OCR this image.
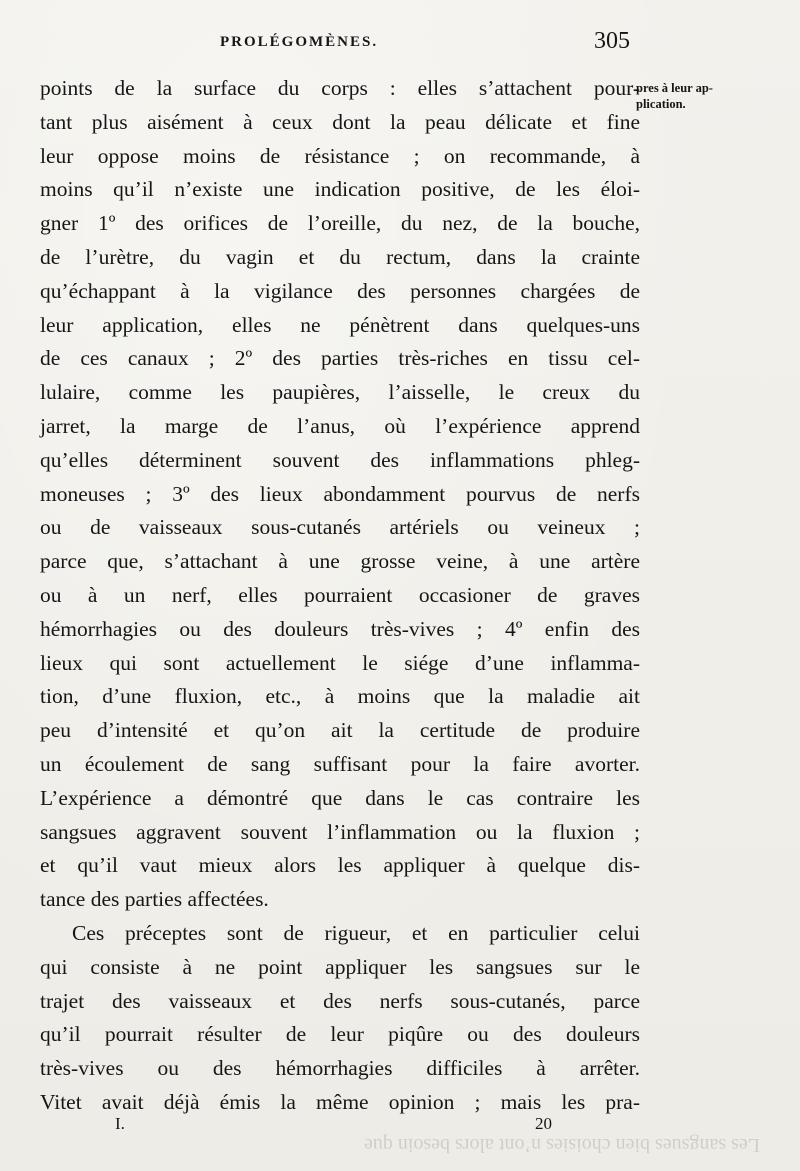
PROLÉGOMÈNES.	305
pres à leur ap-
plication.
points de la surface du corps : elles s’attachent pour-
tant plus aisément à ceux dont la peau délicate et fine
leur oppose moins de résistance ; on recommande, à
moins qu’il n’existe une indication positive, de les éloi-
gner 1º des orifices de l’oreille, du nez, de la bouche,
de l’urètre, du vagin et du rectum, dans la crainte
qu’échappant à la vigilance des personnes chargées de
leur application, elles ne pénètrent dans quelques-uns
de ces canaux ; 2º des parties très-riches en tissu cel-
lulaire, comme les paupières, l’aisselle, le creux du
jarret, la marge de l’anus, où l’expérience apprend
qu’elles déterminent souvent des inflammations phleg-
moneuses ; 3º des lieux abondamment pourvus de nerfs
ou de vaisseaux sous-cutanés artériels ou veineux ;
parce que, s’attachant à une grosse veine, à une artère
ou à un nerf, elles pourraient occasioner de graves
hémorrhagies ou des douleurs très-vives ; 4º enfin des
lieux qui sont actuellement le siége d’une inflamma-
tion, d’une fluxion, etc., à moins que la maladie ait
peu d’intensité et qu’on ait la certitude de produire
un écoulement de sang suffisant pour la faire avorter.
L’expérience a démontré que dans le cas contraire les
sangsues aggravent souvent l’inflammation ou la fluxion ;
et qu’il vaut mieux alors les appliquer à quelque dis-
tance des parties affectées.
Ces préceptes sont de rigueur, et en particulier celui
qui consiste à ne point appliquer les sangsues sur le
trajet des vaisseaux et des nerfs sous-cutanés, parce
qu’il pourrait résulter de leur piqûre ou des douleurs
très-vives ou des hémorrhagies difficiles à arrêter.
Vitet avait déjà émis la même opinion ; mais les pra-
I.	20
Les sangsues bien choisies n’ont alors besoin que
